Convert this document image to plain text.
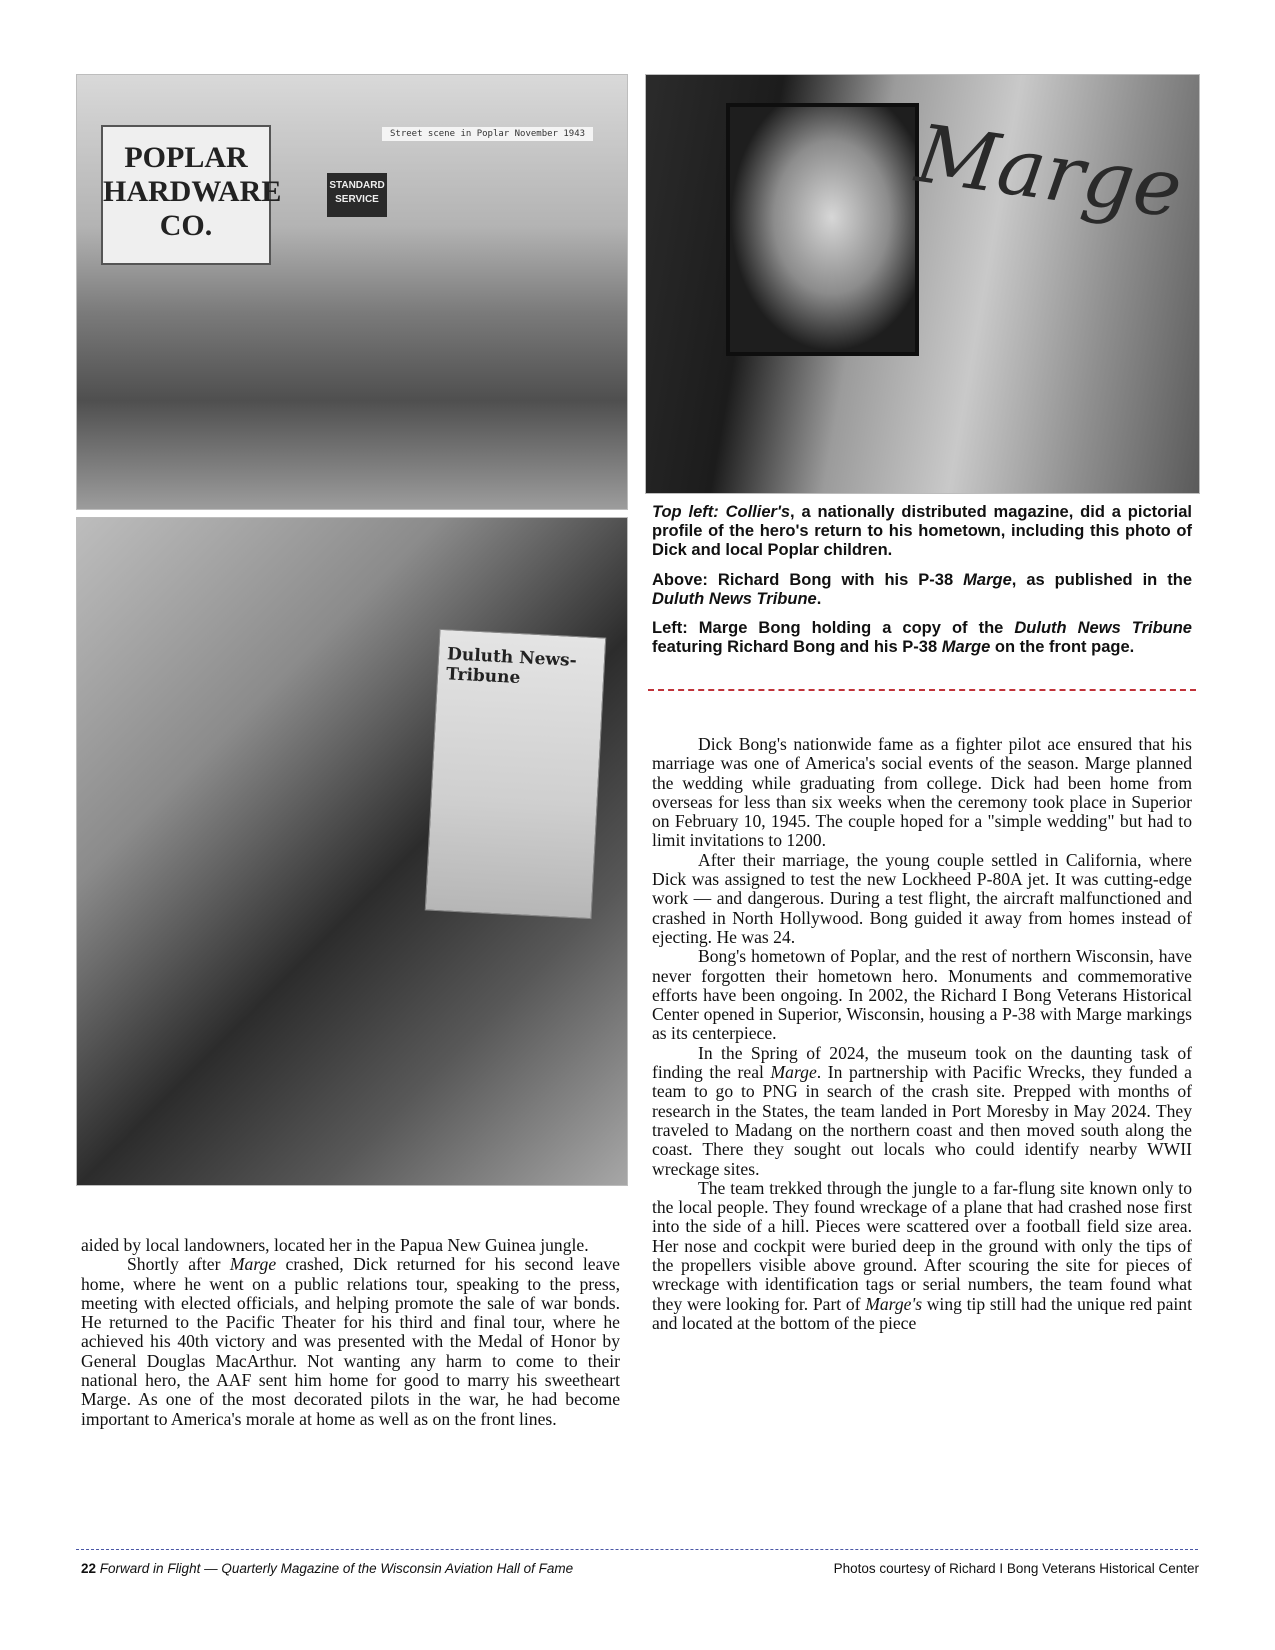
POPLAR HARDWARE CO.
STANDARD SERVICE
Street scene in Poplar November 1943	Marge
Duluth News-Tribune

Top left: Collier's, a nationally distributed magazine, did a pictorial profile of the hero's return to his hometown, including this photo of Dick and local Poplar children.

Above: Richard Bong with his P-38 Marge, as published in the Duluth News Tribune.

Left: Marge Bong holding a copy of the Duluth News Tribune featuring Richard Bong and his P-38 Marge on the front page.

aided by local landowners, located her in the Papua New Guinea jungle.

Shortly after Marge crashed, Dick returned for his second leave home, where he went on a public relations tour, speaking to the press, meeting with elected officials, and helping promote the sale of war bonds. He returned to the Pacific Theater for his third and final tour, where he achieved his 40th victory and was presented with the Medal of Honor by General Douglas MacArthur. Not wanting any harm to come to their national hero, the AAF sent him home for good to marry his sweetheart Marge. As one of the most decorated pilots in the war, he had become important to America's morale at home as well as on the front lines.

Dick Bong's nationwide fame as a fighter pilot ace ensured that his marriage was one of America's social events of the season. Marge planned the wedding while graduating from college. Dick had been home from overseas for less than six weeks when the ceremony took place in Superior on February 10, 1945. The couple hoped for a "simple wedding" but had to limit invitations to 1200.

After their marriage, the young couple settled in California, where Dick was assigned to test the new Lockheed P-80A jet. It was cutting-edge work — and dangerous. During a test flight, the aircraft malfunctioned and crashed in North Hollywood. Bong guided it away from homes instead of ejecting. He was 24.

Bong's hometown of Poplar, and the rest of northern Wisconsin, have never forgotten their hometown hero. Monuments and commemorative efforts have been ongoing. In 2002, the Richard I Bong Veterans Historical Center opened in Superior, Wisconsin, housing a P-38 with Marge markings as its centerpiece.

In the Spring of 2024, the museum took on the daunting task of finding the real Marge. In partnership with Pacific Wrecks, they funded a team to go to PNG in search of the crash site. Prepped with months of research in the States, the team landed in Port Moresby in May 2024. They traveled to Madang on the northern coast and then moved south along the coast. There they sought out locals who could identify nearby WWII wreckage sites.

The team trekked through the jungle to a far-flung site known only to the local people. They found wreckage of a plane that had crashed nose first into the side of a hill. Pieces were scattered over a football field size area. Her nose and cockpit were buried deep in the ground with only the tips of the propellers visible above ground. After scouring the site for pieces of wreckage with identification tags or serial numbers, the team found what they were looking for. Part of Marge's wing tip still had the unique red paint and located at the bottom of the piece

22 Forward in Flight — Quarterly Magazine of the Wisconsin Aviation Hall of Fame	Photos courtesy of Richard I Bong Veterans Historical Center
